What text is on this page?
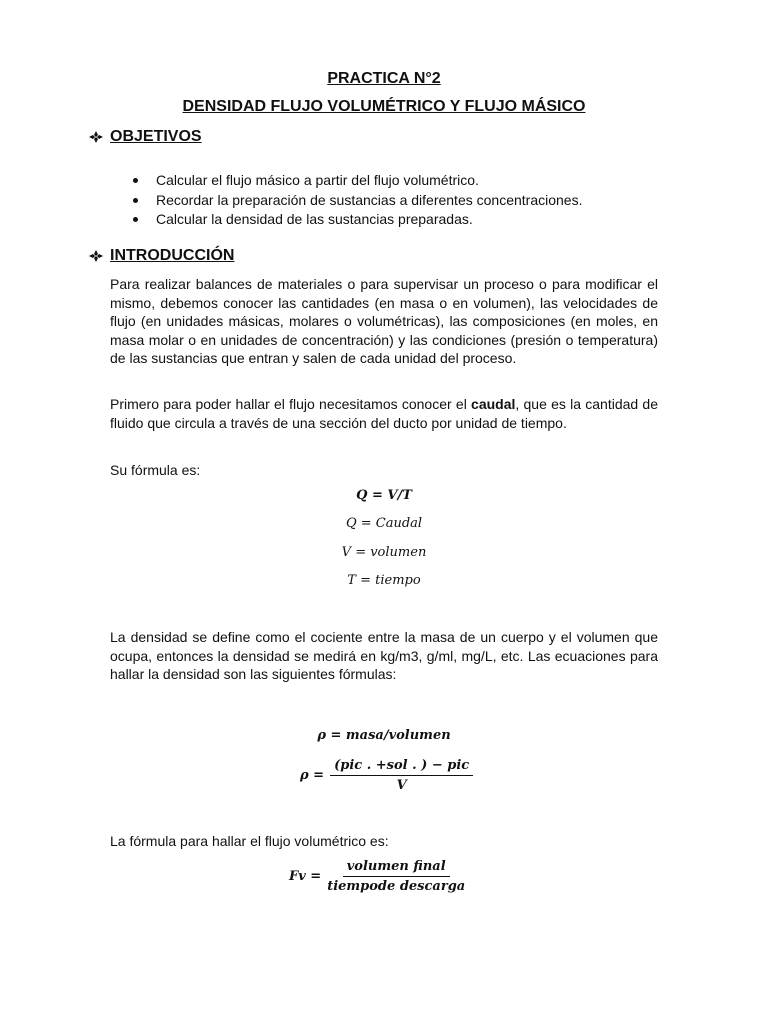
PRACTICA N°2
DENSIDAD FLUJO VOLUMÉTRICO Y FLUJO MÁSICO
OBJETIVOS
Calcular el flujo másico a partir del flujo volumétrico.
Recordar la preparación de sustancias a diferentes concentraciones.
Calcular la densidad de las sustancias preparadas.
INTRODUCCIÓN

Para realizar balances de materiales o para supervisar un proceso o para modificar el mismo, debemos conocer las cantidades (en masa o en volumen), las velocidades de flujo (en unidades másicas, molares o volumétricas), las composiciones (en moles, en masa molar o en unidades de concentración) y las condiciones (presión o temperatura) de las sustancias que entran y salen de cada unidad del proceso.

Primero para poder hallar el flujo necesitamos conocer el caudal, que es la cantidad de fluido que circula a través de una sección del ducto por unidad de tiempo.

Su fórmula es:

Q = V/T
Q = Caudal
V = volumen
T = tiempo

La densidad se define como el cociente entre la masa de un cuerpo y el volumen que ocupa, entonces la densidad se medirá en kg/m3, g/ml, mg/L, etc. Las ecuaciones para hallar la densidad son las siguientes fórmulas:

ρ = masa/volumen
$\rho = \frac{\text{(pic . +sol . ) − pic}}{V}$

La fórmula para hallar el flujo volumétrico es:

$Fv = \frac{\text{volumen final}}{\text{tiempode descarga}}$
